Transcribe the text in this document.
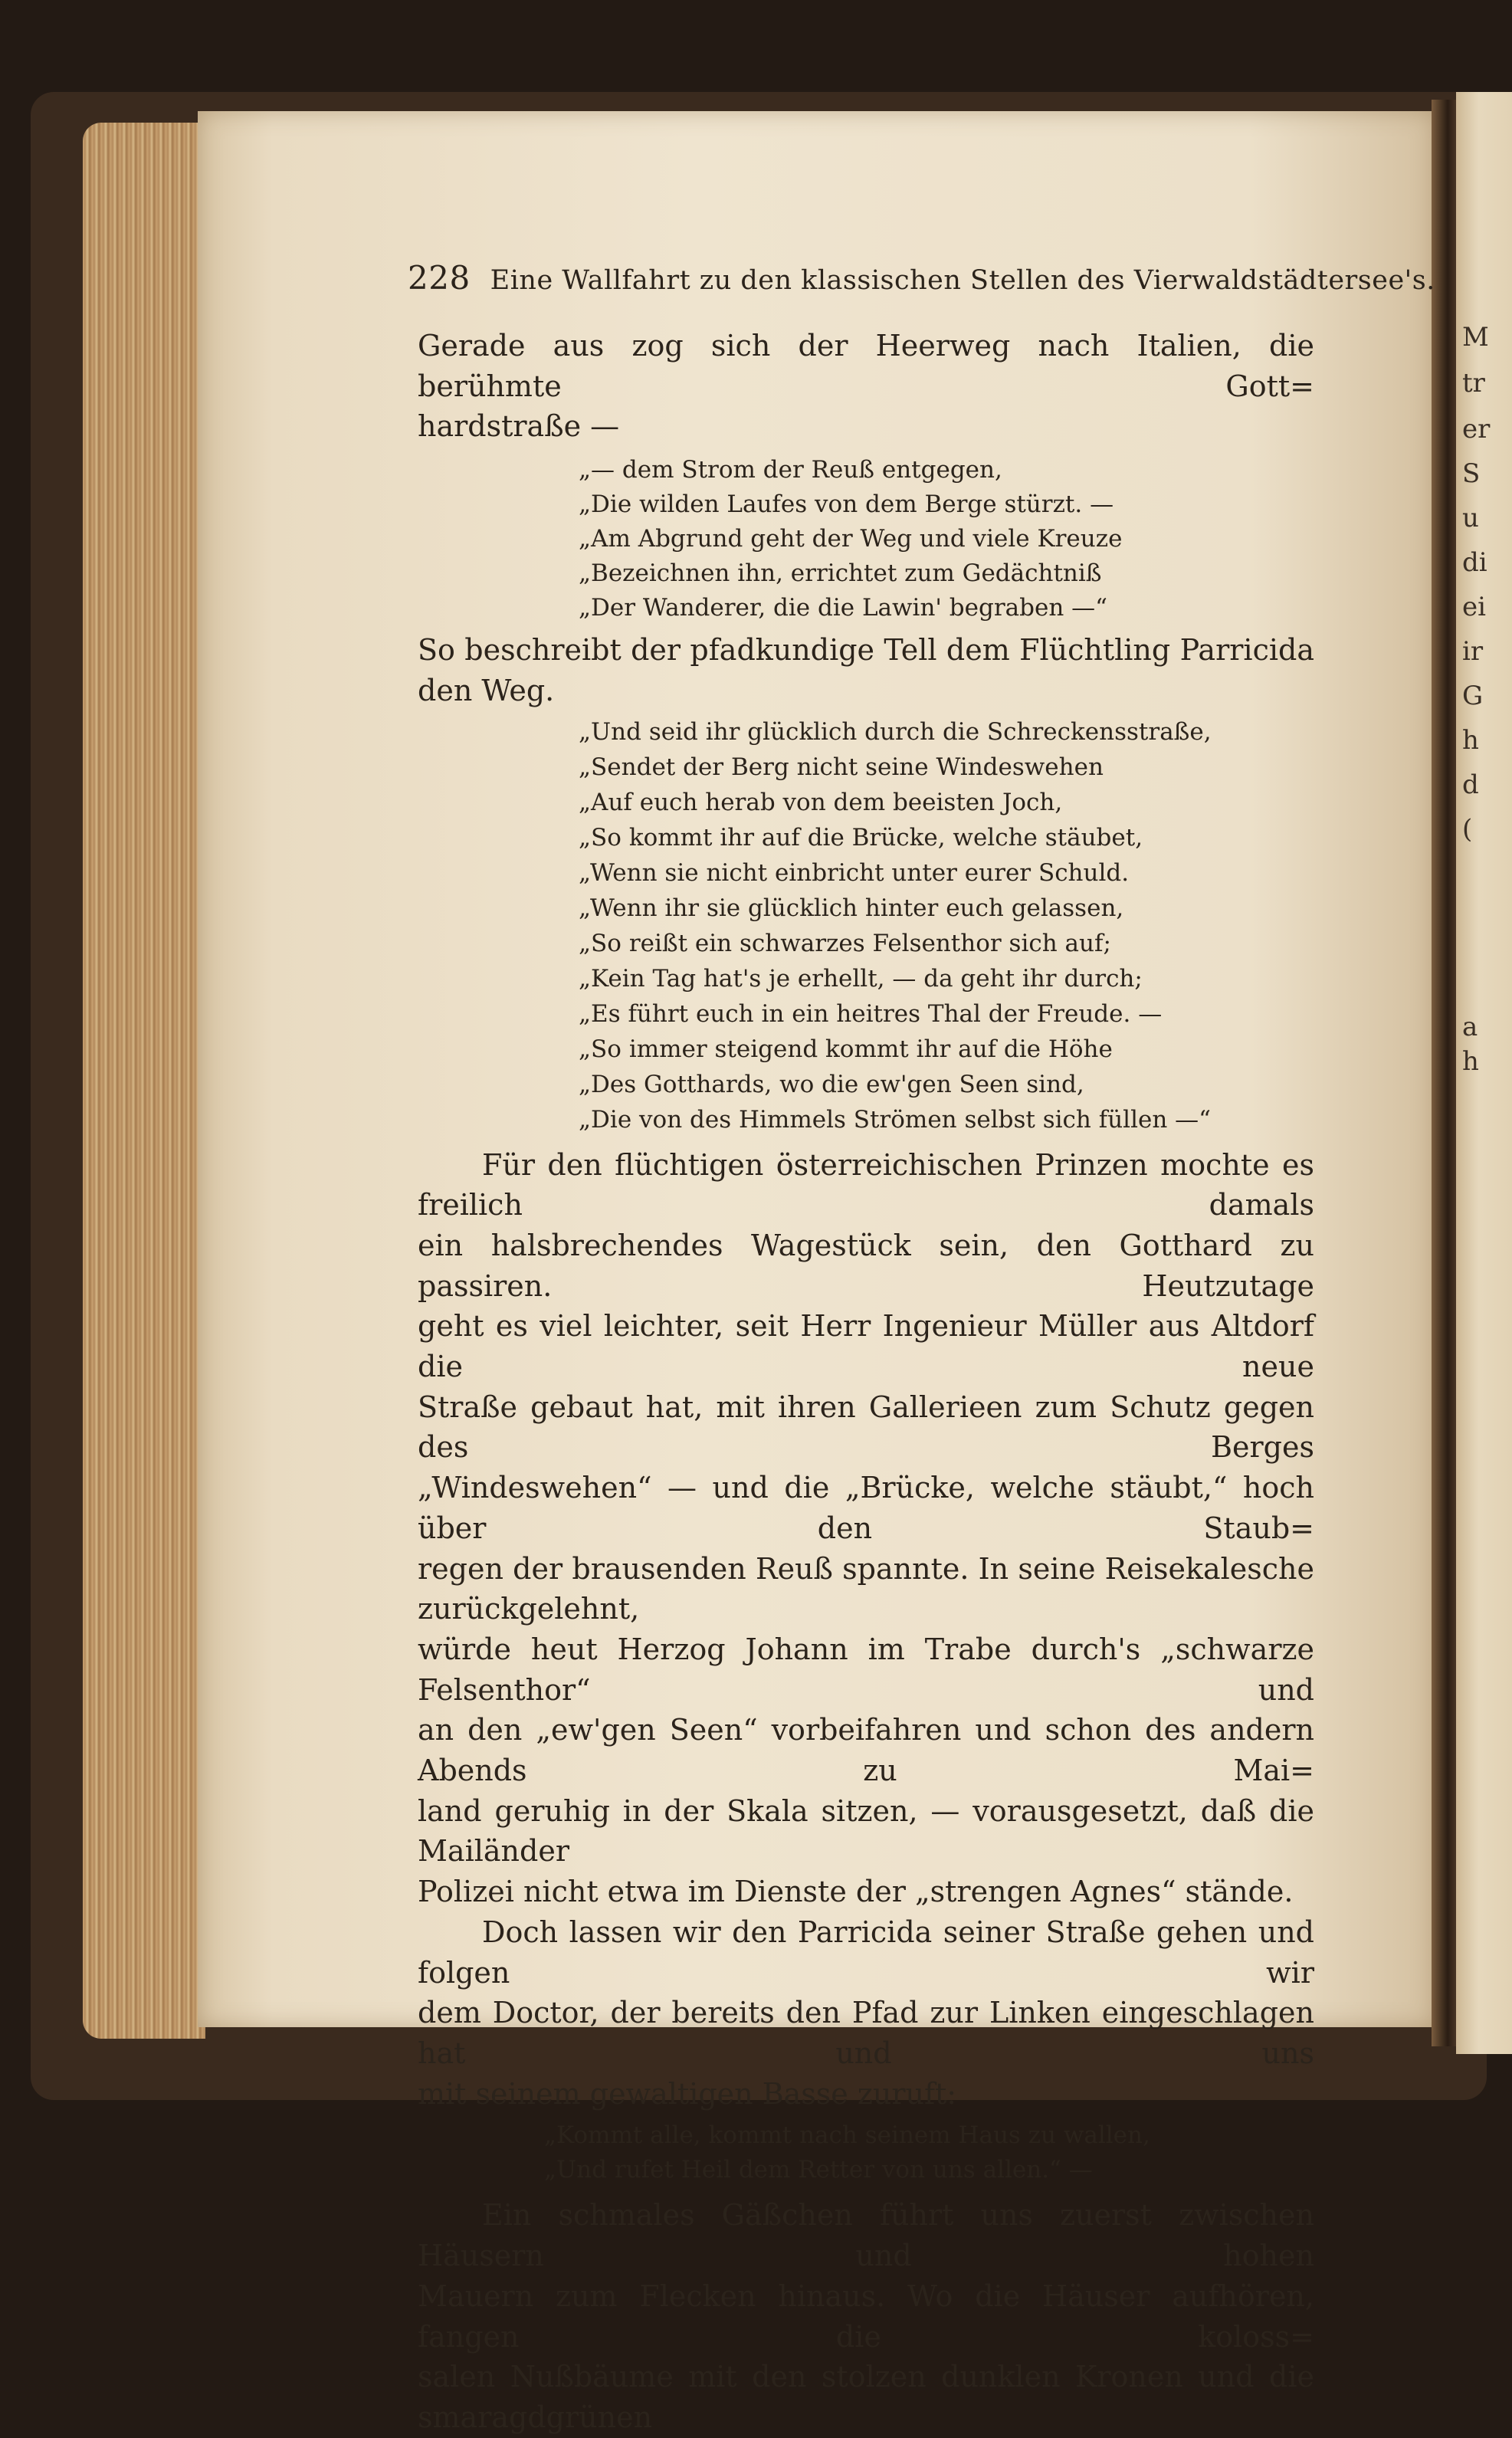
M
tr
er
S
u
di
ei
ir
G
h
d
(
a
h
228 Eine Wallfahrt zu den klassischen Stellen des Vierwaldstädtersee's.

Gerade aus zog sich der Heerweg nach Italien, die berühmte Gott=

hardstraße —

„— dem Strom der Reuß entgegen,
„Die wilden Laufes von dem Berge stürzt. —
„Am Abgrund geht der Weg und viele Kreuze
„Bezeichnen ihn, errichtet zum Gedächtniß
„Der Wanderer, die die Lawin' begraben —“

So beschreibt der pfadkundige Tell dem Flüchtling Parricida den Weg.

„Und seid ihr glücklich durch die Schreckensstraße,
„Sendet der Berg nicht seine Windeswehen
„Auf euch herab von dem beeisten Joch,
„So kommt ihr auf die Brücke, welche stäubet,
„Wenn sie nicht einbricht unter eurer Schuld.
„Wenn ihr sie glücklich hinter euch gelassen,
„So reißt ein schwarzes Felsenthor sich auf;
„Kein Tag hat's je erhellt, — da geht ihr durch;
„Es führt euch in ein heitres Thal der Freude. —
„So immer steigend kommt ihr auf die Höhe
„Des Gotthards, wo die ew'gen Seen sind,
„Die von des Himmels Strömen selbst sich füllen —“

Für den flüchtigen österreichischen Prinzen mochte es freilich damals

ein halsbrechendes Wagestück sein, den Gotthard zu passiren. Heutzutage

geht es viel leichter, seit Herr Ingenieur Müller aus Altdorf die neue

Straße gebaut hat, mit ihren Gallerieen zum Schutz gegen des Berges

„Windeswehen“ — und die „Brücke, welche stäubt,“ hoch über den Staub=

regen der brausenden Reuß spannte. In seine Reisekalesche zurückgelehnt,

würde heut Herzog Johann im Trabe durch's „schwarze Felsenthor“ und

an den „ew'gen Seen“ vorbeifahren und schon des andern Abends zu Mai=

land geruhig in der Skala sitzen, — vorausgesetzt, daß die Mailänder

Polizei nicht etwa im Dienste der „strengen Agnes“ stände.

Doch lassen wir den Parricida seiner Straße gehen und folgen wir

dem Doctor, der bereits den Pfad zur Linken eingeschlagen hat und uns

mit seinem gewaltigen Basse zuruft:

„Kommt alle, kommt nach seinem Haus zu wallen,
„Und rufet Heil dem Retter von uns allen.“ —

Ein schmales Gäßchen führt uns zuerst zwischen Häusern und hohen

Mauern zum Flecken hinaus. Wo die Häuser aufhören, fangen die koloss=

salen Nußbäume mit den stolzen dunklen Kronen und die smaragdgrünen
